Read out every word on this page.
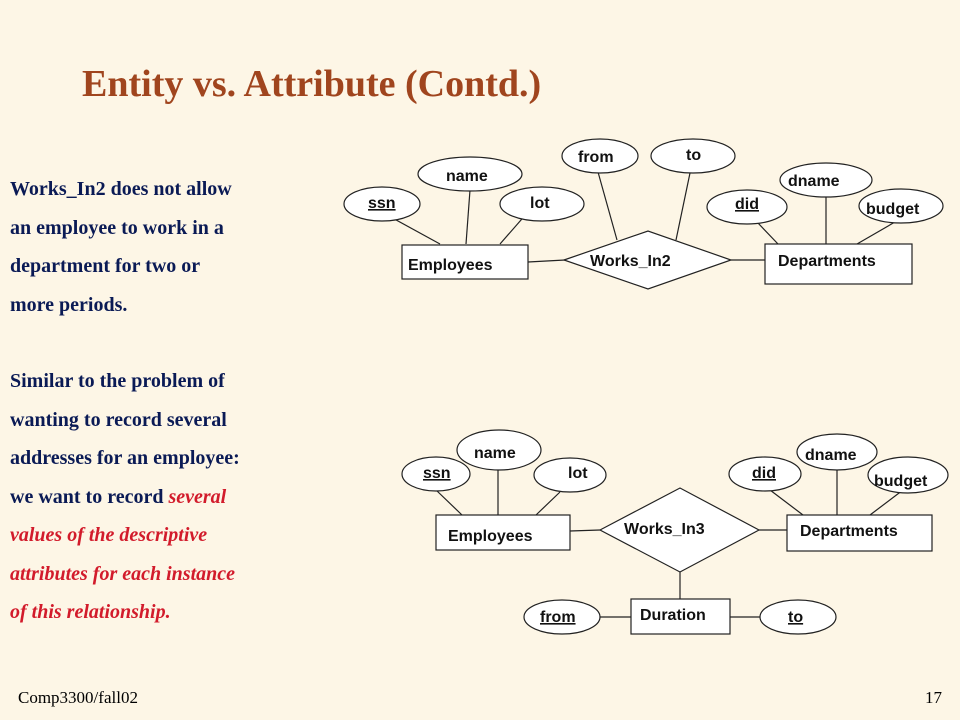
Entity vs. Attribute (Contd.)

Works_In2 does not allow

an employee to work in a

department for two or

more periods.

Similar to the problem of

wanting to record several

addresses for an employee:

we want to record several

values of the descriptive

attributes for each instance

of this relationship.

ssn
name
lot
from	to
did
dname
budget
Employees	Works_In2	Departments
ssn
name
lot	did
dname
budget
from	to
Employees	Works_In3	Departments
Duration
Comp3300/fall02	17
